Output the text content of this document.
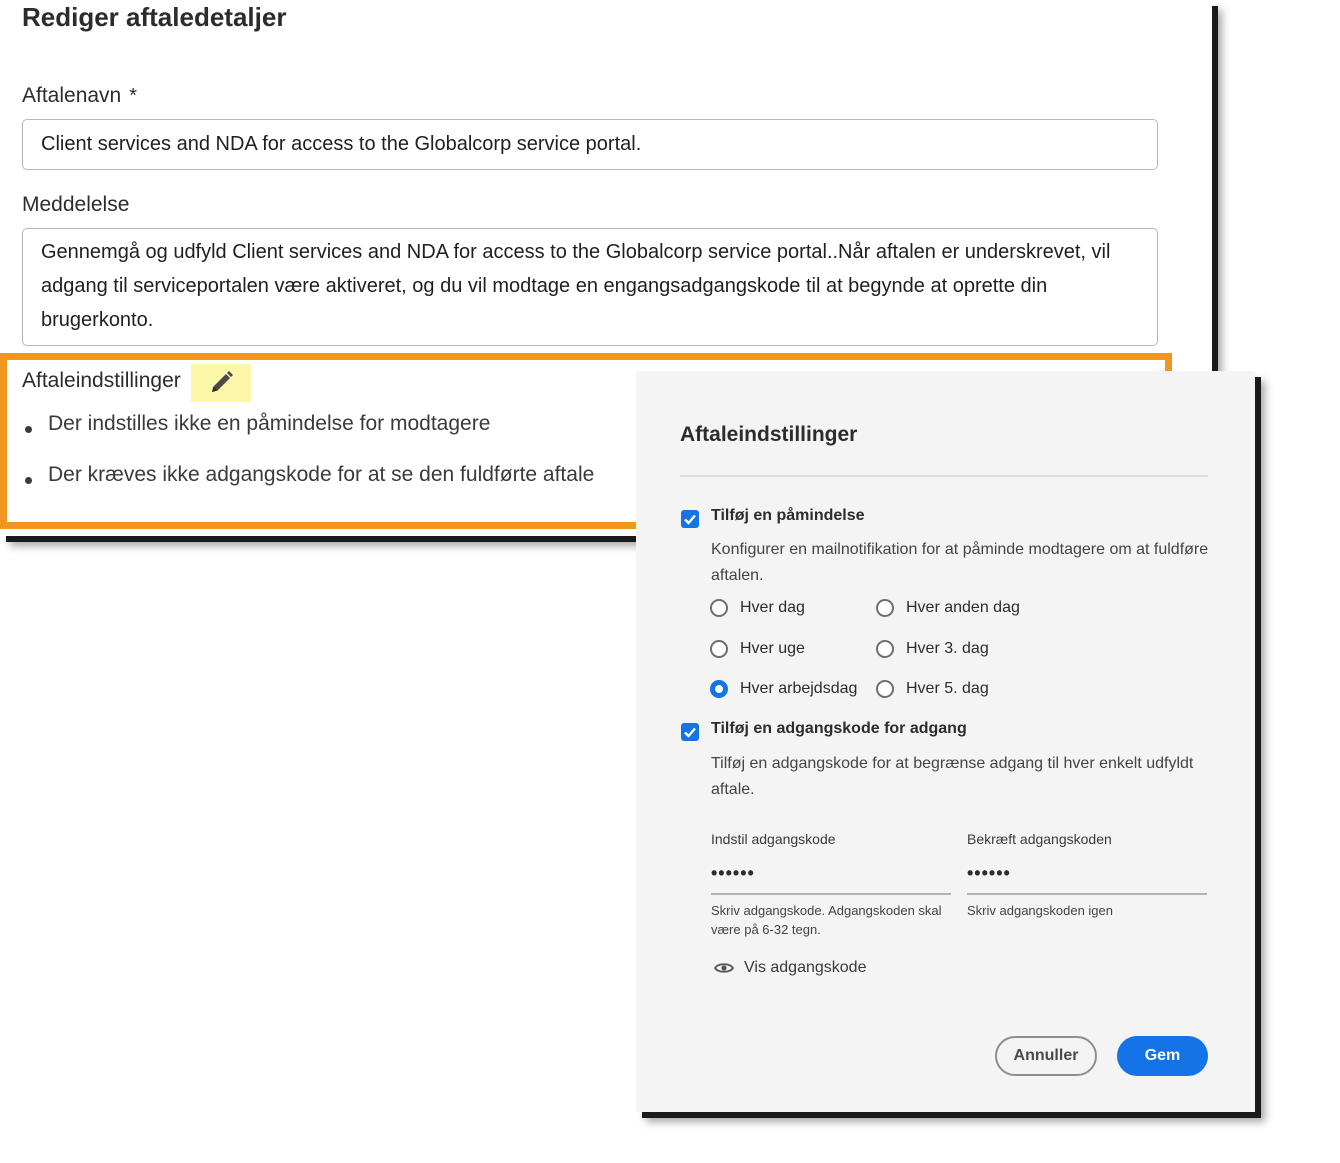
Rediger aftaledetaljer
Aftalenavn *
Client services and NDA for access to the Globalcorp service portal.
Meddelelse
Gennemgå og udfyld Client services and NDA for access to the Globalcorp service portal..Når aftalen er underskrevet, vil adgang til serviceportalen være aktiveret, og du vil modtage en engangsadgangskode til at begynde at oprette din brugerkonto.
Aftaleindstillinger
Der indstilles ikke en påmindelse for modtagere
Der kræves ikke adgangskode for at se den fuldførte aftale
Aftaleindstillinger
Tilføj en påmindelse
Konfigurer en mailnotifikation for at påminde modtagere om at fuldføre aftalen.
Hver dag	Hver anden dag
Hver uge	Hver 3. dag
Hver arbejdsdag	Hver 5. dag
Tilføj en adgangskode for adgang
Tilføj en adgangskode for at begrænse adgang til hver enkelt udfyldt aftale.
Indstil adgangskode
••••••
Skriv adgangskode. Adgangskoden skal være på 6-32 tegn.
Bekræft adgangskoden
••••••
Skriv adgangskoden igen
Vis adgangskode
Annuller	Gem
